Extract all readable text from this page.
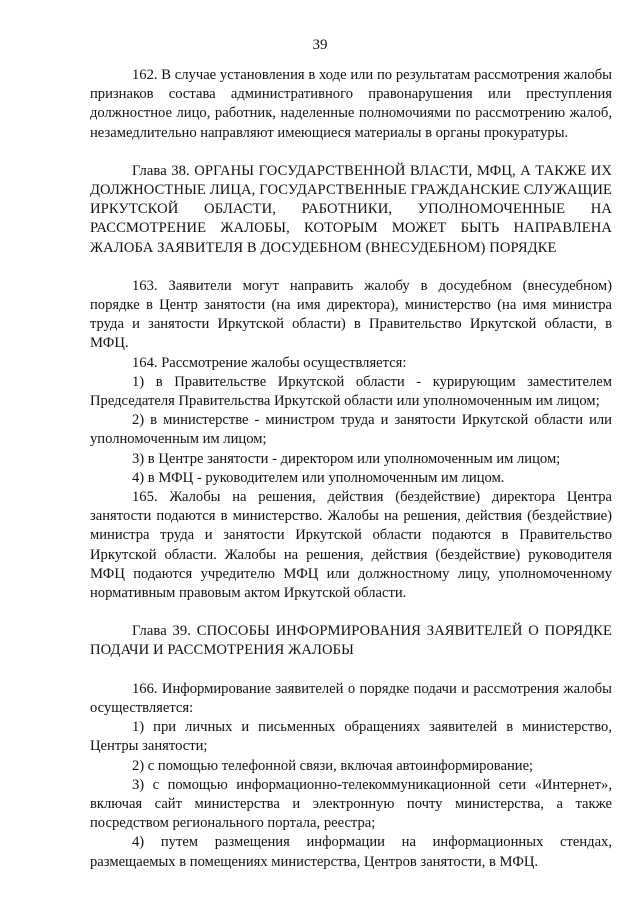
39

162. В случае установления в ходе или по результатам рассмотрения жалобы признаков состава административного правонарушения или преступления должностное лицо, работник, наделенные полномочиями по рассмотрению жалоб, незамедлительно направляют имеющиеся материалы в органы прокуратуры.

Глава 38. ОРГАНЫ ГОСУДАРСТВЕННОЙ ВЛАСТИ, МФЦ, А ТАКЖЕ ИХ ДОЛЖНОСТНЫЕ ЛИЦА, ГОСУДАРСТВЕННЫЕ ГРАЖДАНСКИЕ СЛУЖАЩИЕ ИРКУТСКОЙ ОБЛАСТИ, РАБОТНИКИ, УПОЛНОМОЧЕННЫЕ НА РАССМОТРЕНИЕ ЖАЛОБЫ, КОТОРЫМ МОЖЕТ БЫТЬ НАПРАВЛЕНА ЖАЛОБА ЗАЯВИТЕЛЯ В ДОСУДЕБНОМ (ВНЕСУДЕБНОМ) ПОРЯДКЕ

163. Заявители могут направить жалобу в досудебном (внесудебном) порядке в Центр занятости (на имя директора), министерство (на имя министра труда и занятости Иркутской области) в Правительство Иркутской области, в МФЦ.

164. Рассмотрение жалобы осуществляется:

1) в Правительстве Иркутской области - курирующим заместителем Председателя Правительства Иркутской области или уполномоченным им лицом;

2) в министерстве - министром труда и занятости Иркутской области или уполномоченным им лицом;

3) в Центре занятости - директором или уполномоченным им лицом;

4) в МФЦ - руководителем или уполномоченным им лицом.

165. Жалобы на решения, действия (бездействие) директора Центра занятости подаются в министерство. Жалобы на решения, действия (бездействие) министра труда и занятости Иркутской области подаются в Правительство Иркутской области. Жалобы на решения, действия (бездействие) руководителя МФЦ подаются учредителю МФЦ или должностному лицу, уполномоченному нормативным правовым актом Иркутской области.

Глава 39. СПОСОБЫ ИНФОРМИРОВАНИЯ ЗАЯВИТЕЛЕЙ О ПОРЯДКЕ ПОДАЧИ И РАССМОТРЕНИЯ ЖАЛОБЫ

166. Информирование заявителей о порядке подачи и рассмотрения жалобы осуществляется:

1) при личных и письменных обращениях заявителей в министерство, Центры занятости;

2) с помощью телефонной связи, включая автоинформирование;

3) с помощью информационно-телекоммуникационной сети «Интернет», включая сайт министерства и электронную почту министерства, а также посредством регионального портала, реестра;

4) путем размещения информации на информационных стендах, размещаемых в помещениях министерства, Центров занятости, в МФЦ.
